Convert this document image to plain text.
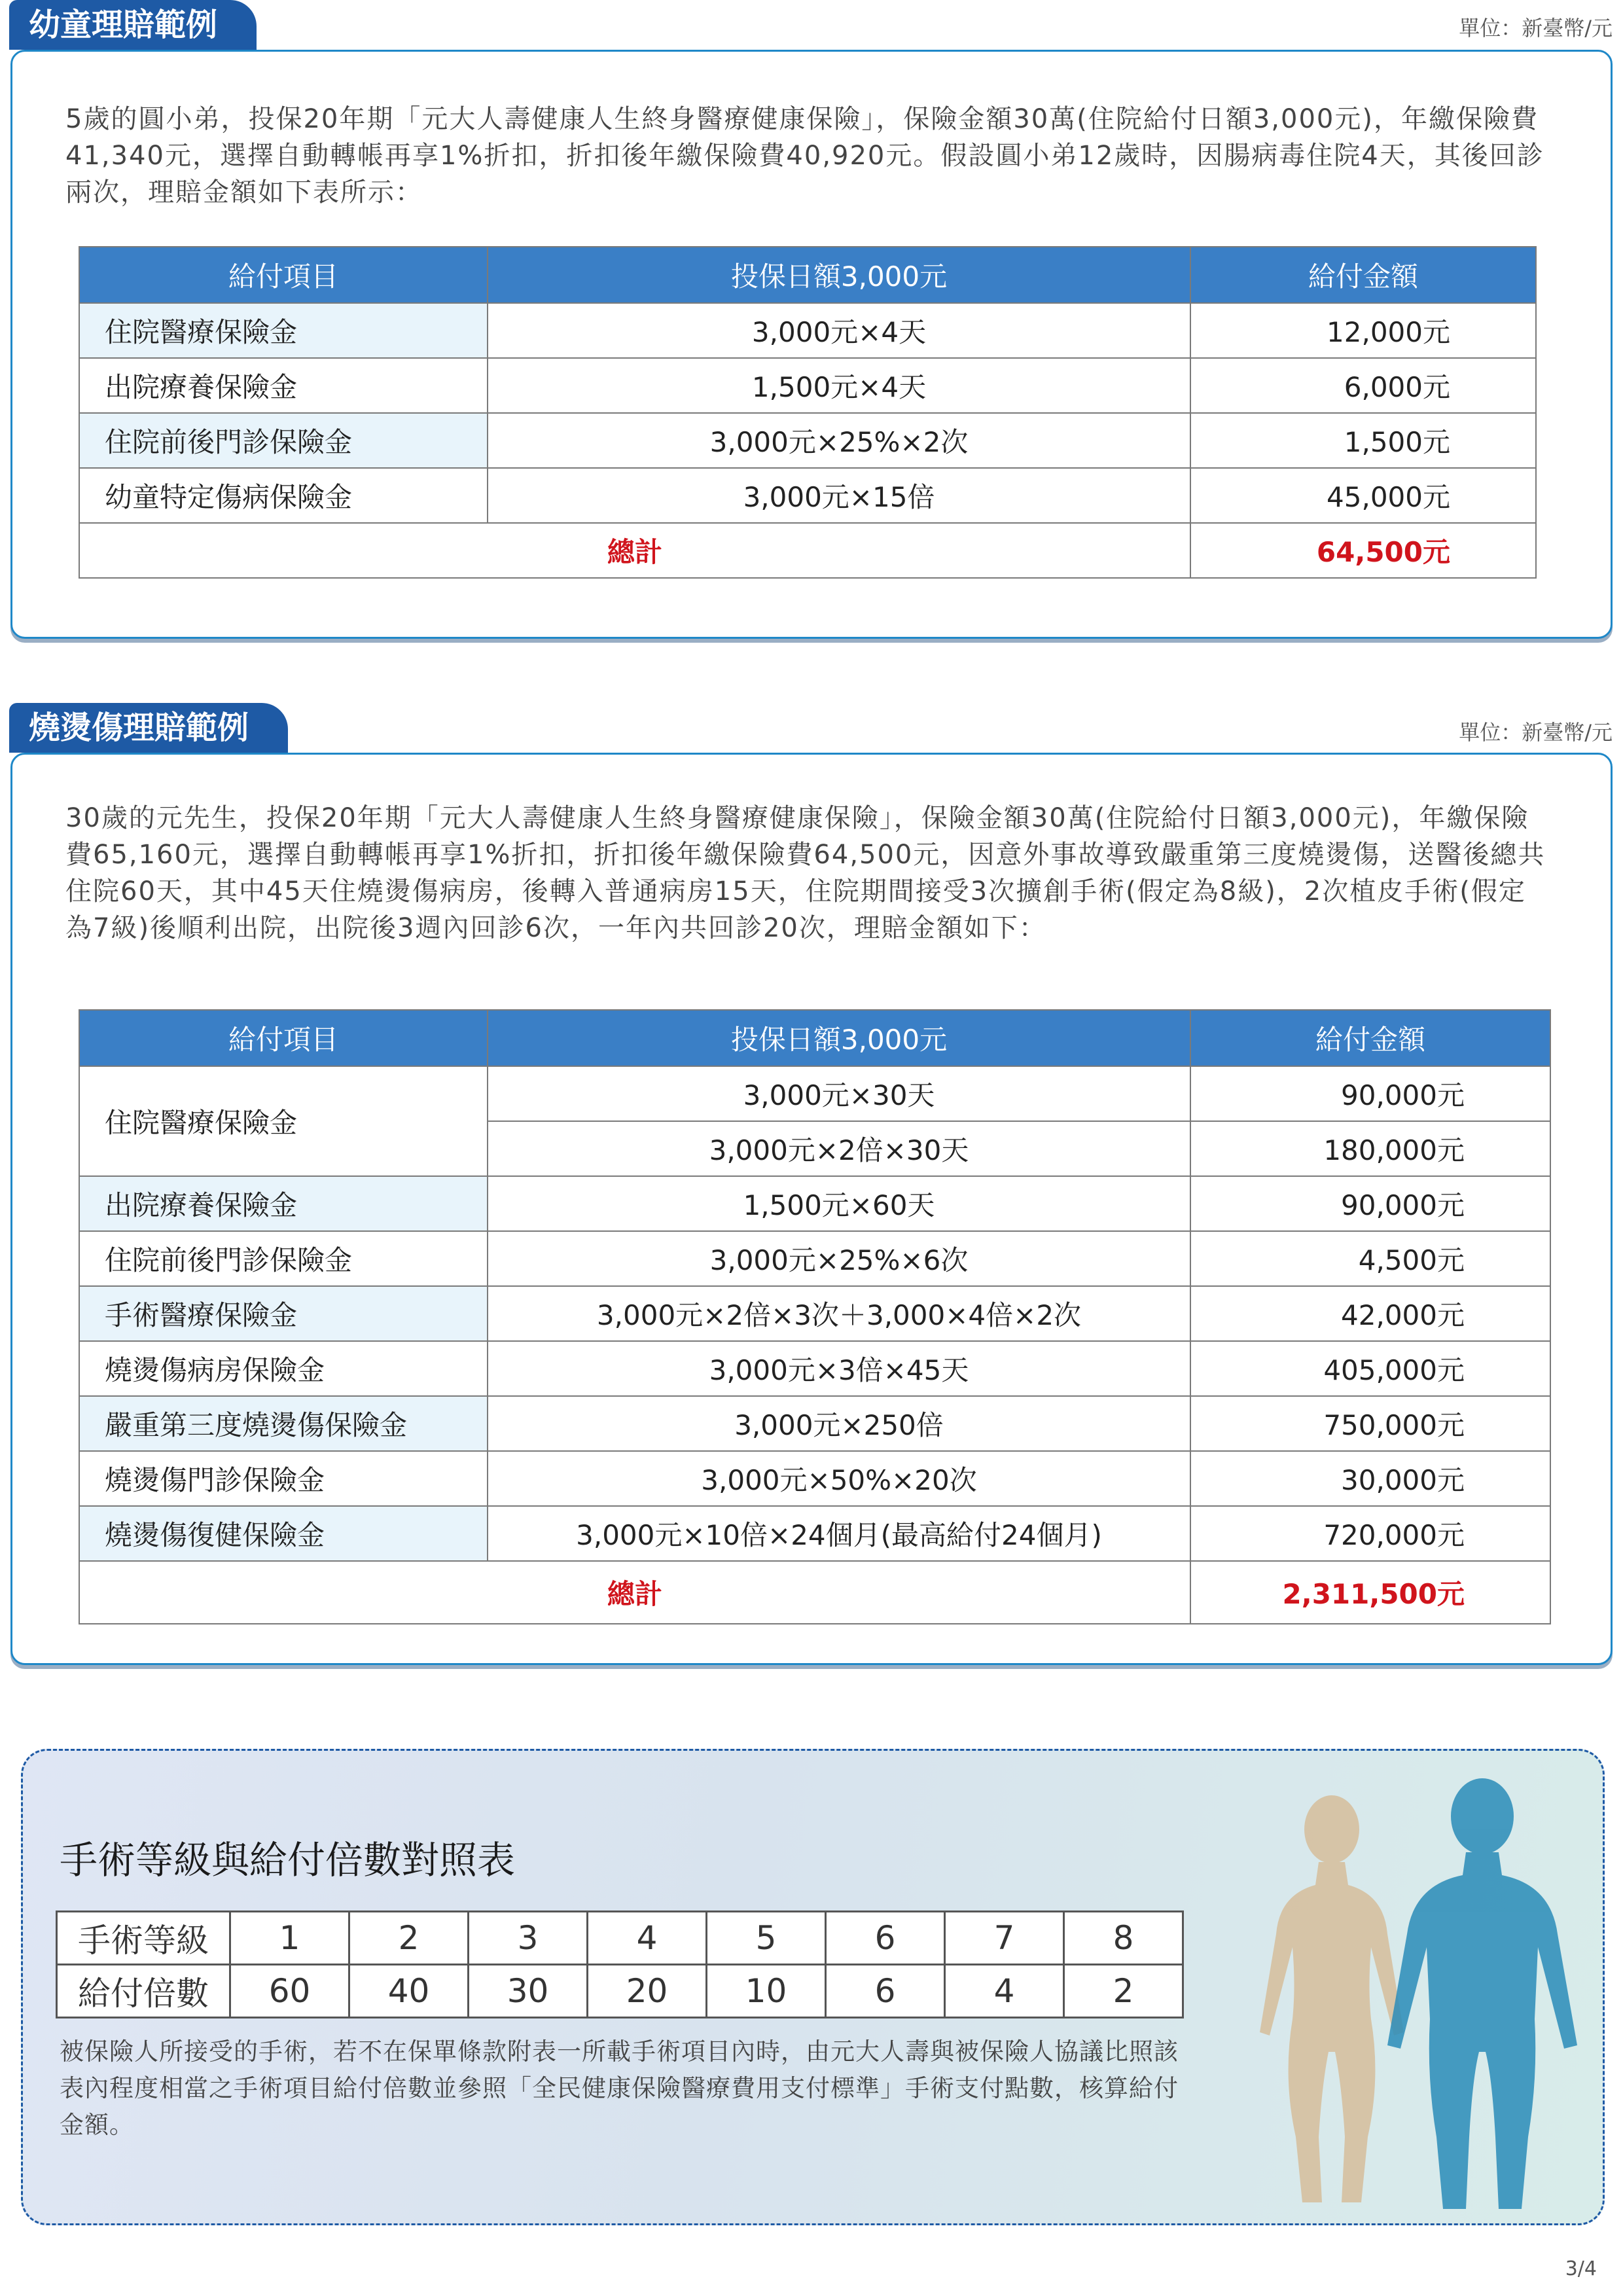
幼童理賠範例	單位：新臺幣/元
5歲的圓小弟，投保20年期「元大人壽健康人生終身醫療健康保險」，保險金額30萬(住院給付日額3,000元)，年繳保險費41,340元，選擇自動轉帳再享1%折扣，折扣後年繳保險費40,920元。假設圓小弟12歲時，因腸病毒住院4天，其後回診兩次，理賠金額如下表所示：
給付項目	投保日額3,000元	給付金額
住院醫療保險金	3,000元×4天	12,000元
出院療養保險金	1,500元×4天	6,000元
住院前後門診保險金	3,000元×25%×2次	1,500元
幼童特定傷病保險金	3,000元×15倍	45,000元
總計		64,500元
燒燙傷理賠範例	單位：新臺幣/元
30歲的元先生，投保20年期「元大人壽健康人生終身醫療健康保險」，保險金額30萬(住院給付日額3,000元)，年繳保險費65,160元，選擇自動轉帳再享1%折扣，折扣後年繳保險費64,500元，因意外事故導致嚴重第三度燒燙傷，送醫後總共住院60天，其中45天住燒燙傷病房，後轉入普通病房15天，住院期間接受3次擴創手術(假定為8級)，2次植皮手術(假定為7級)後順利出院，出院後3週內回診6次，一年內共回診20次，理賠金額如下：
給付項目	投保日額3,000元	給付金額
住院醫療保險金	3,000元×30天	90,000元
	3,000元×2倍×30天	180,000元
出院療養保險金	1,500元×60天	90,000元
住院前後門診保險金	3,000元×25%×6次	4,500元
手術醫療保險金	3,000元×2倍×3次＋3,000×4倍×2次	42,000元
燒燙傷病房保險金	3,000元×3倍×45天	405,000元
嚴重第三度燒燙傷保險金	3,000元×250倍	750,000元
燒燙傷門診保險金	3,000元×50%×20次	30,000元
燒燙傷復健保險金	3,000元×10倍×24個月(最高給付24個月)	720,000元
總計		2,311,500元
手術等級與給付倍數對照表
手術等級	1	2	3	4	5	6	7	8
給付倍數	60	40	30	20	10	6	4	2
被保險人所接受的手術，若不在保單條款附表一所載手術項目內時，由元大人壽與被保險人協議比照該表內程度相當之手術項目給付倍數並參照「全民健康保險醫療費用支付標準」手術支付點數，核算給付金額。
3/4
